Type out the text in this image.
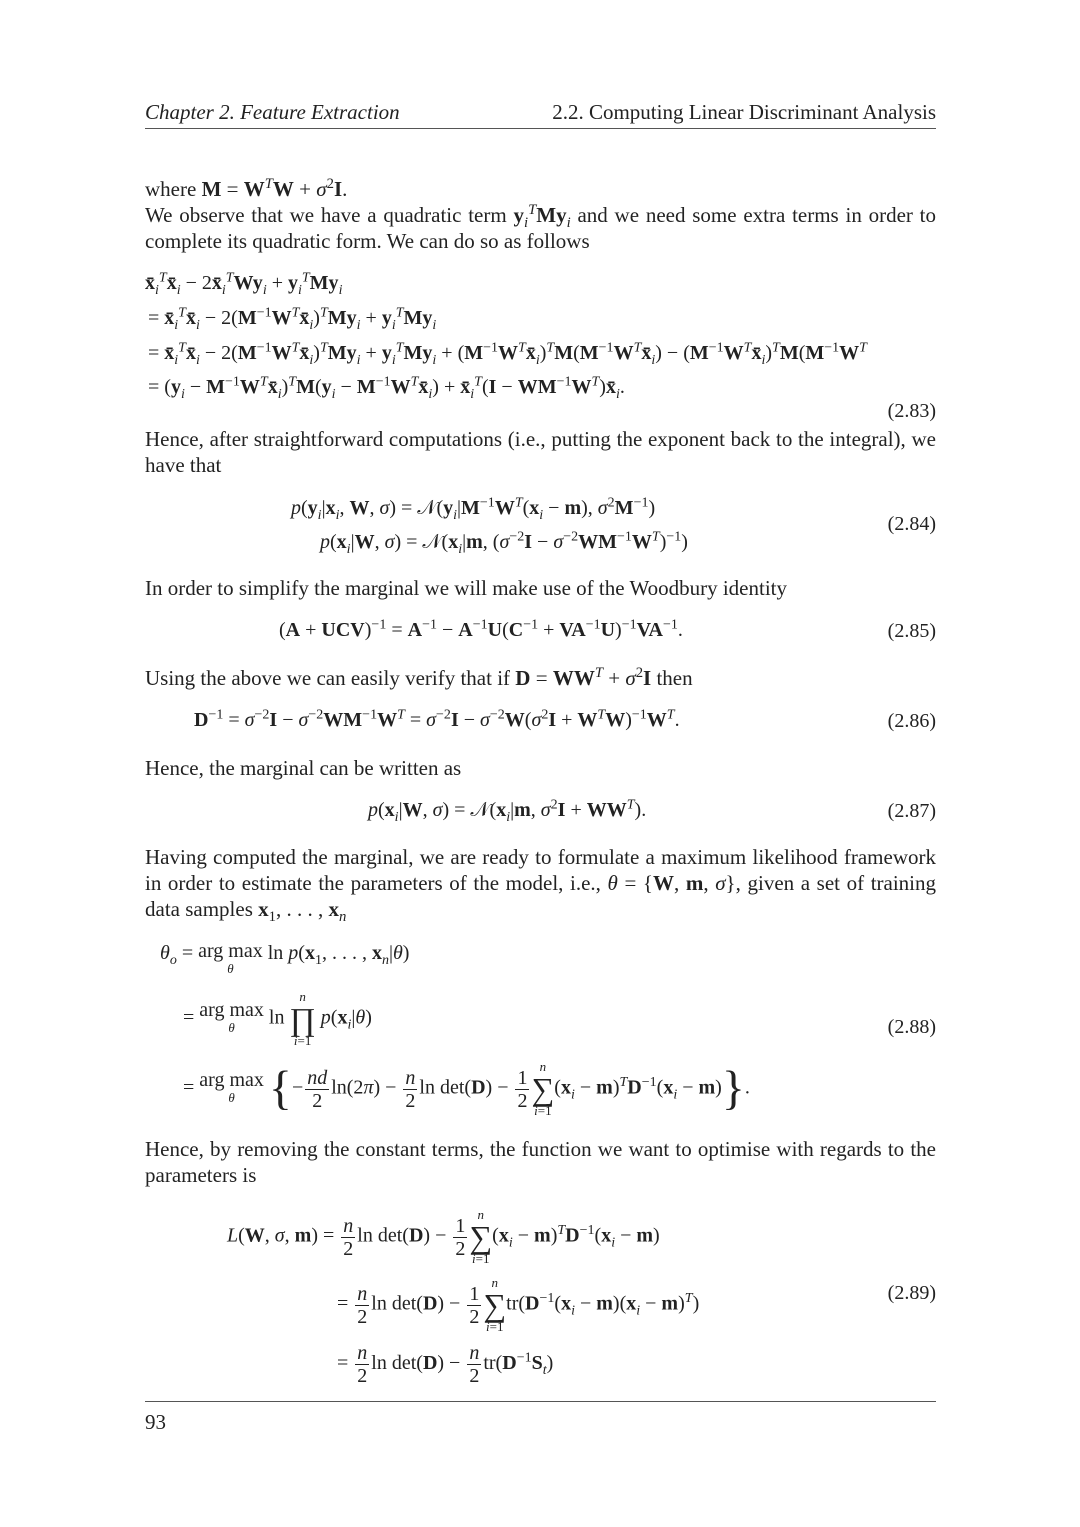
Chapter 2. Feature Extraction	2.2. Computing Linear Discriminant Analysis
where $M = W^TW + \sigma^2I$.
We observe that we have a quadratic term $y_i^TMy_i$ and we need some extra terms in order to complete its quadratic form. We can do so as follows
$x̄_i^Tx̄_i$ − $2x̄_i^TWy_i + y_i^TMy_i$
= $x̄_i^Tx̄_i$ − $2(M^{-1}W^Tx̄_i)^TMy_i + y_i^TMy_i$
= $x̄_i^Tx̄_i$ − $2(M^{-1}W^Tx̄_i)^TMy_i + y_i^TMy_i$ + $(M^{-1}W^Tx̄_i)^TM(M^{-1}W^Tx̄_i)$ − $(M^{-1}W^Tx̄_i)^TM(M^{-1}W^T$
= ($y_i$ − $M^{-1}W^Tx̄_i)^TM(y_i$ − $M^{-1}W^Tx̄_i$) + $x̄_i^T(I$ − $WM^{-1}W^T)x̄_i$.
(2.83)
Hence, after straightforward computations (i.e., putting the exponent back to the integral), we have that
$p(y_i|x_i$, W, $\sigma) = 𝒩(y_i|M^{-1}W^T(x_i - m)$, $\sigma^2M^{-1}$)
$p(x_i|W$, $\sigma) = 𝒩(x_i|m$, $(\sigma^{-2}I - \sigma^{-2}WM^{-1}W^T)^{-1}$)
(2.84)
In order to simplify the marginal we will make use of the Woodbury identity
$(A + UCV)^{-1} = A^{-1} - A^{-1}U(C^{-1} + VA^{-1}U)^{-1}VA^{-1}$.	(2.85)
Using the above we can easily verify that if $D = WW^T + \sigma^2I$ then
$D^{-1} = \sigma^{-2}I - \sigma^{-2}WM^{-1}W^T = \sigma^{-2}I - \sigma^{-2}W(\sigma^2I + W^TW)^{-1}W^T$.	(2.86)
Hence, the marginal can be written as
$p(x_i|W$, $\sigma) = 𝒩(x_i|m$, $\sigma^2I + WW^T$).	(2.87)
Having computed the marginal, we are ready to formulate a maximum likelihood framework in order to estimate the parameters of the model, i.e., θ = {W, m, σ}, given a set of training data samples $x_1$, . . . , $x_n$
$\theta_o$ = arg max
θ
$\ln p(x_1$, . . . , $x_n|\theta$)
= arg max
θ	ln
n
∏
i=1
$p(x_i|\theta)$
= arg max
θ {− $\frac{nd}{2} \ln(2\pi) - \frac{n}{2}$ $\ln \det(D) - \frac{1}{2}$ n
∑
i=1
$(x_i - m)^TD^{-1}(x_i - m)$}.
(2.88)
Hence, by removing the constant terms, the function we want to optimise with regards to the parameters is
L(W, σ, $m) = \frac{n}{2}$ $\ln \det(D) - \frac{1}{2}$ n
∑
i=1
$(x_i - m)^TD^{-1}(x_i - m)$
= $\frac{n}{2}$ $\ln \det(D) - \frac{1}{2}$ n
∑
i=1
$tr(D^{-1}(x_i - m)(x_i - m)^T)$
= $\frac{n}{2}$ $\ln \det(D) - \frac{n}{2} tr(D^{-1}S_t)$
(2.89)
93
